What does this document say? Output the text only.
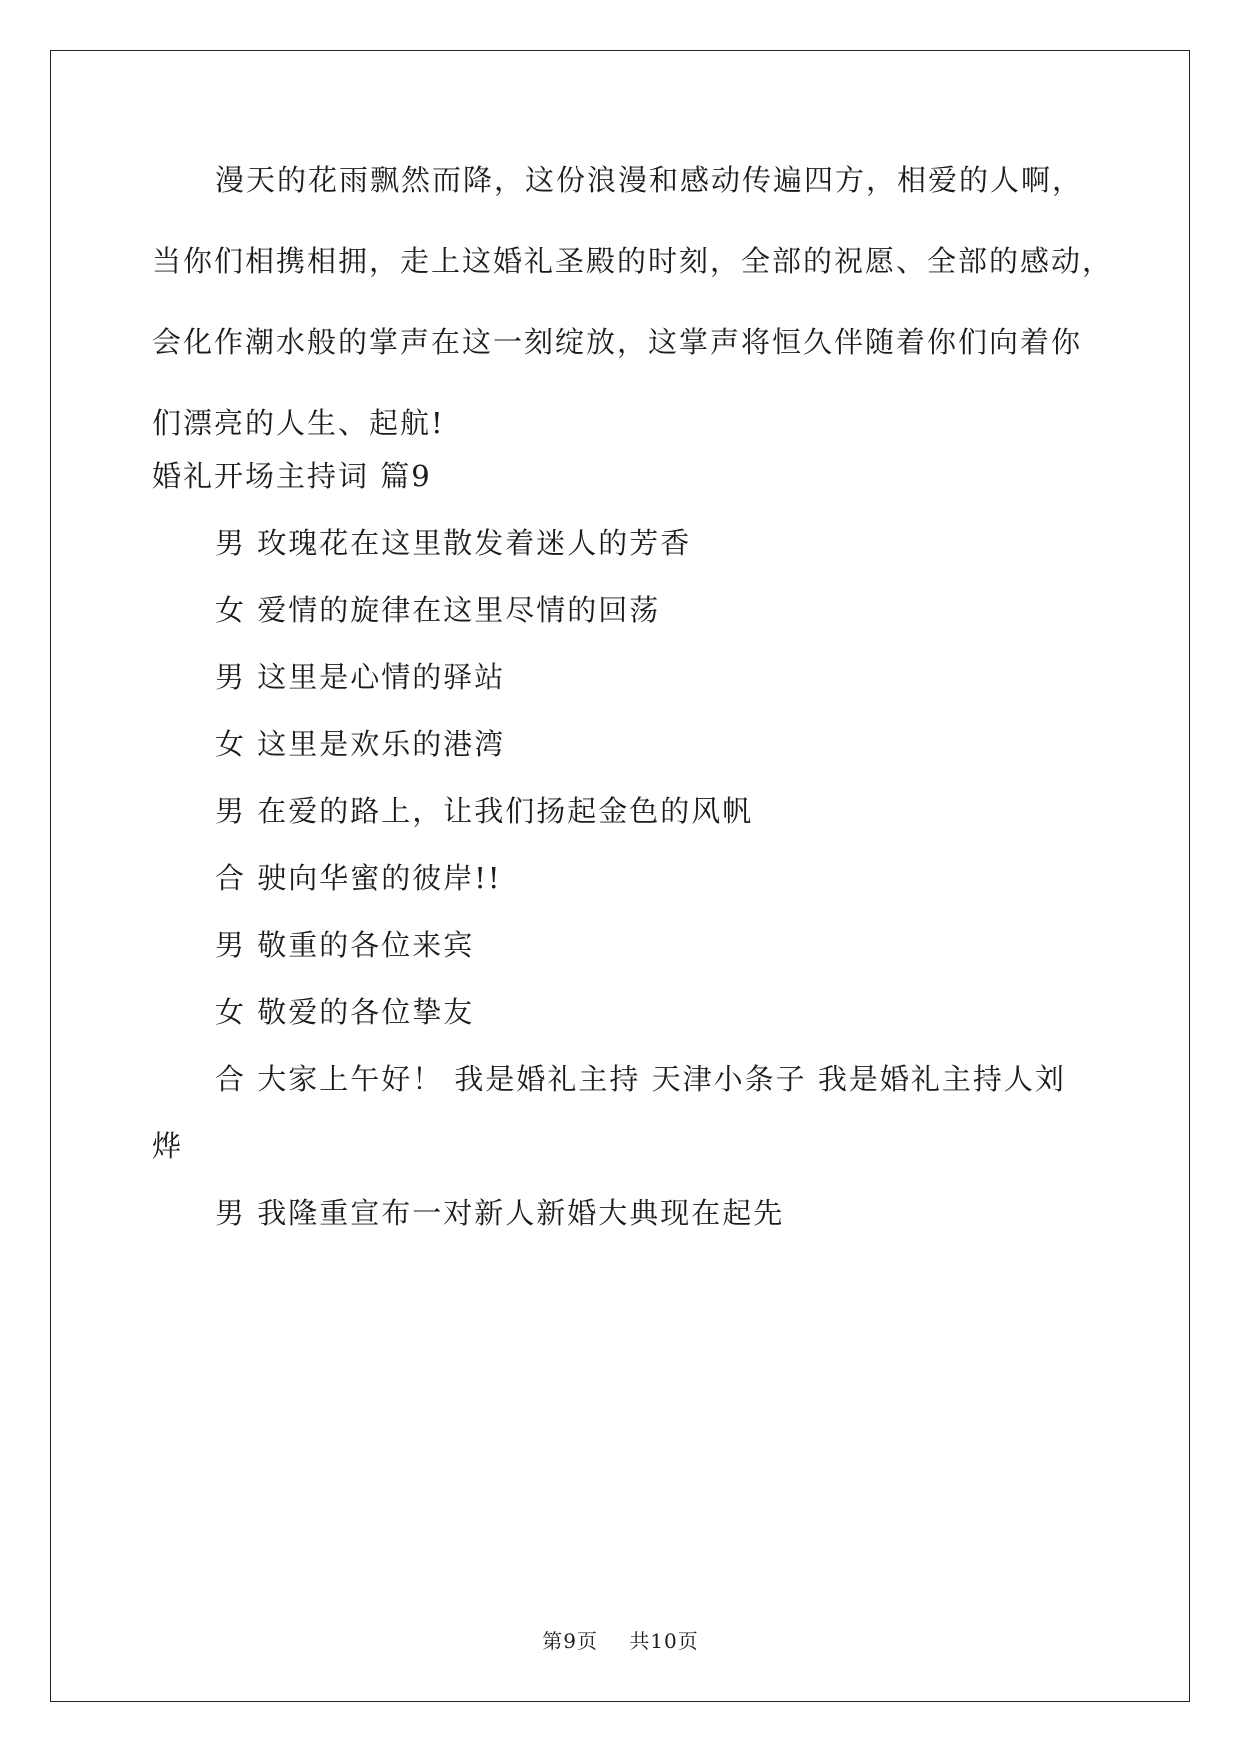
漫天的花雨飘然而降，这份浪漫和感动传遍四方，相爱的人啊，
当你们相携相拥，走上这婚礼圣殿的时刻，全部的祝愿、全部的感动，
会化作潮水般的掌声在这一刻绽放，这掌声将恒久伴随着你们向着你
们漂亮的人生、起航!
婚礼开场主持词 篇9
男 玫瑰花在这里散发着迷人的芳香
女 爱情的旋律在这里尽情的回荡
男 这里是心情的驿站
女 这里是欢乐的港湾
男 在爱的路上，让我们扬起金色的风帆
合 驶向华蜜的彼岸!!
男 敬重的各位来宾
女 敬爱的各位挚友
合 大家上午好！ 我是婚礼主持 天津小条子 我是婚礼主持人刘
烨
男 我隆重宣布一对新人新婚大典现在起先
第9页 共10页
